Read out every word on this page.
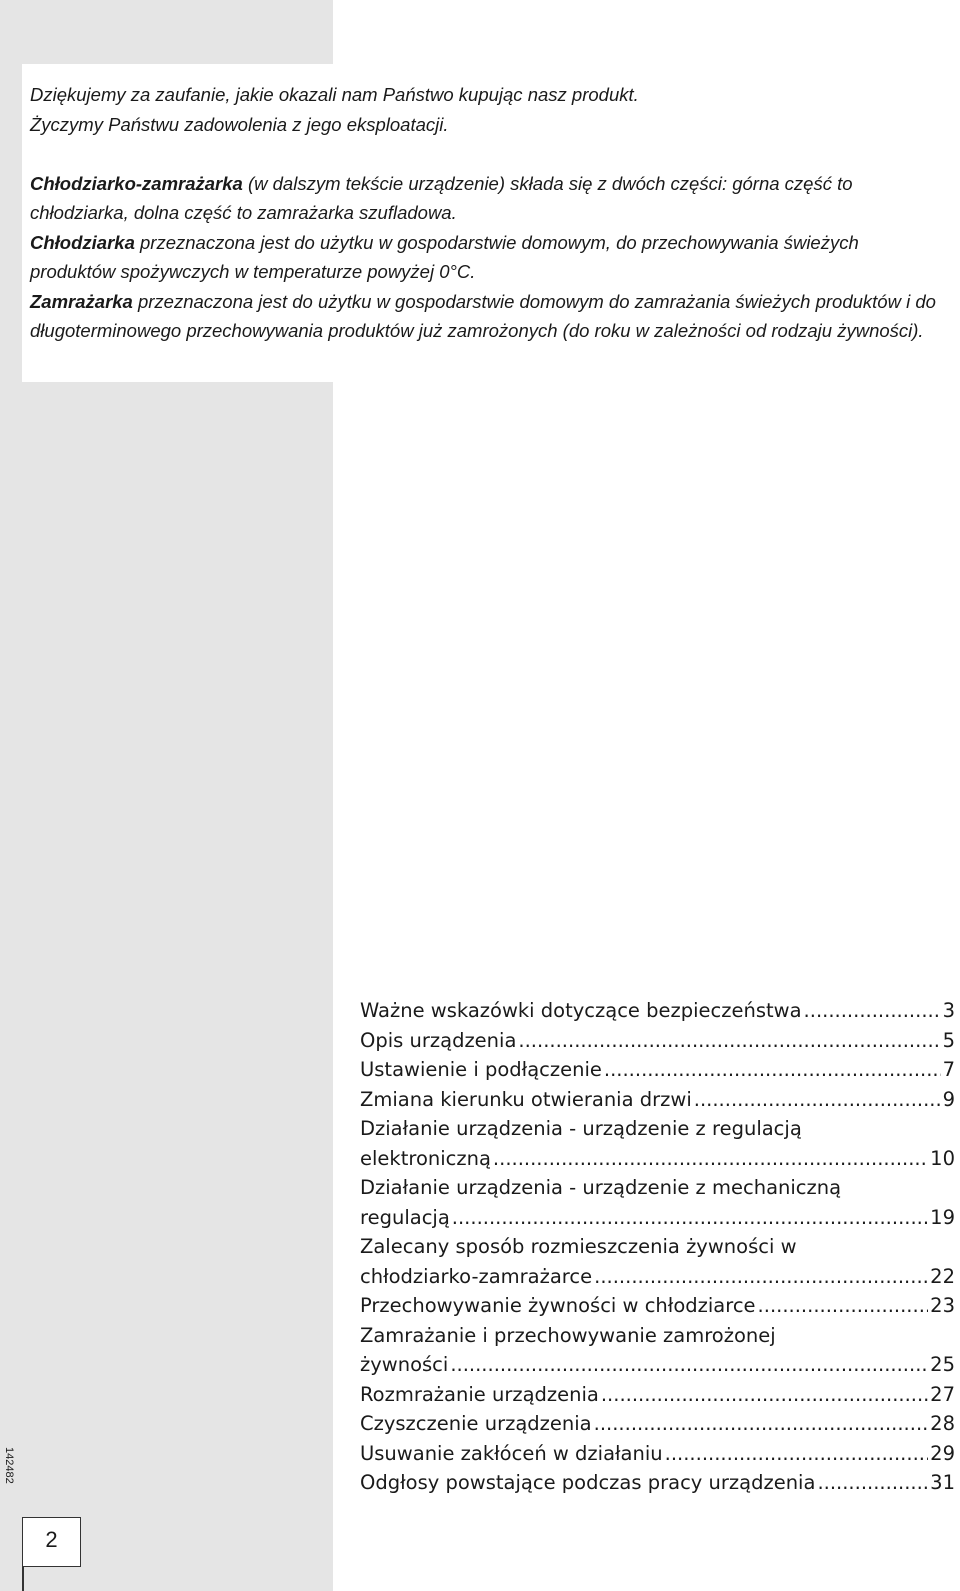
Dziękujemy za zaufanie, jakie okazali nam Państwo kupując nasz produkt.

Życzymy Państwu zadowolenia z jego eksploatacji.

Chłodziarko-zamrażarka (w dalszym tekście urządzenie) składa się z dwóch części: górna część to chłodziarka, dolna część to zamrażarka szufladowa.

Chłodziarka przeznaczona jest do użytku w gospodarstwie domowym, do przechowywania świeżych produktów spożywczych w temperaturze powyżej 0°C.

Zamrażarka przeznaczona jest do użytku w gospodarstwie domowym do zamrażania świeżych produktów i do długoterminowego przechowywania produktów już zamrożonych (do roku w zależności od rodzaju żywności).

Ważne wskazówki dotyczące bezpieczeństwa .....	3
Opis urządzenia .....	5
Ustawienie i podłączenie .....	7
Zmiana kierunku otwierania drzwi .....	9
Działanie urządzenia - urządzenie z regulacją
elektroniczną .....	10
Działanie urządzenia - urządzenie z mechaniczną
regulacją .....	19
Zalecany sposób rozmieszczenia żywności w
chłodziarko-zamrażarce .....	22
Przechowywanie żywności w chłodziarce .....	23
Zamrażanie i przechowywanie zamrożonej
żywności .....	25
Rozmrażanie urządzenia .....	27
Czyszczenie urządzenia .....	28
Usuwanie zakłóceń w działaniu .....	29
Odgłosy powstające podczas pracy urządzenia .....	31
142482
2
